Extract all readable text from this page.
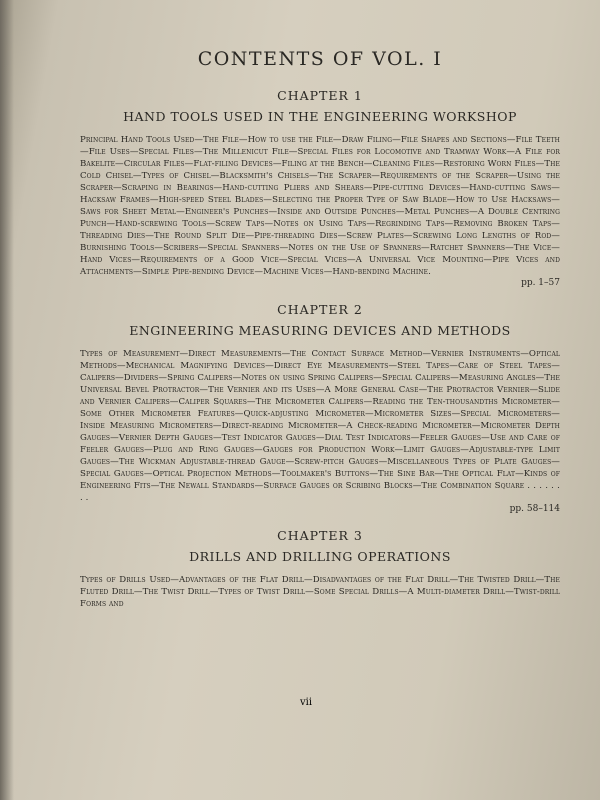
CONTENTS OF VOL. I

CHAPTER 1

HAND TOOLS USED IN THE ENGINEERING WORKSHOP

Principal Hand Tools Used—The File—How to use the File—Draw Filing—File Shapes and Sections—File Teeth—File Uses—Special Files—The Millenicut File—Special Files for Locomotive and Tramway Work—A File for Bakelite—Circular Files—Flat-filing Devices—Filing at the Bench—Cleaning Files—Restoring Worn Files—The Cold Chisel—Types of Chisel—Blacksmith's Chisels—The Scraper—Requirements of the Scraper—Using the Scraper—Scraping in Bearings—Hand-cutting Pliers and Shears—Pipe-cutting Devices—Hand-cutting Saws—Hacksaw Frames—High-speed Steel Blades—Selecting the Proper Type of Saw Blade—How to Use Hacksaws—Saws for Sheet Metal—Engineer's Punches—Inside and Outside Punches—Metal Punches—A Double Centring Punch—Hand-screwing Tools—Screw Taps—Notes on Using Taps—Regrinding Taps—Removing Broken Taps—Threading Dies—The Round Split Die—Pipe-threading Dies—Screw Plates—Screwing Long Lengths of Rod—Burnishing Tools—Scribers—Special Spanners—Notes on the Use of Spanners—Ratchet Spanners—The Vice—Hand Vices—Requirements of a Good Vice—Special Vices—A Universal Vice Mounting—Pipe Vices and Attachments—Simple Pipe-bending Device—Machine Vices—Hand-bending Machine.

pp. 1–57

CHAPTER 2

ENGINEERING MEASURING DEVICES AND METHODS

Types of Measurement—Direct Measurements—The Contact Surface Method—Vernier Instruments—Optical Methods—Mechanical Magnifying Devices—Direct Eye Measurements—Steel Tapes—Care of Steel Tapes—Calipers—Dividers—Spring Calipers—Notes on using Spring Calipers—Special Calipers—Measuring Angles—The Universal Bevel Protractor—The Vernier and its Uses—A More General Case—The Protractor Vernier—Slide and Vernier Calipers—Caliper Squares—The Micrometer Calipers—Reading the Ten-thousandths Micrometer—Some Other Micrometer Features—Quick-adjusting Micrometer—Micrometer Sizes—Special Micrometers—Inside Measuring Micrometers—Direct-reading Micrometer—A Check-reading Micrometer—Micrometer Depth Gauges—Vernier Depth Gauges—Test Indicator Gauges—Dial Test Indicators—Feeler Gauges—Use and Care of Feeler Gauges—Plug and Ring Gauges—Gauges for Production Work—Limit Gauges—Adjustable-type Limit Gauges—The Wickman Adjustable-thread Gauge—Screw-pitch Gauges—Miscellaneous Types of Plate Gauges—Special Gauges—Optical Projection Methods—Toolmaker's Buttons—The Sine Bar—The Optical Flat—Kinds of Engineering Fits—The Newall Standards—Surface Gauges or Scribing Blocks—The Combination Square . . . . . . . .

pp. 58–114

CHAPTER 3

DRILLS AND DRILLING OPERATIONS

Types of Drills Used—Advantages of the Flat Drill—Disadvantages of the Flat Drill—The Twisted Drill—The Fluted Drill—The Twist Drill—Types of Twist Drill—Some Special Drills—A Multi-diameter Drill—Twist-drill Forms and

vii
